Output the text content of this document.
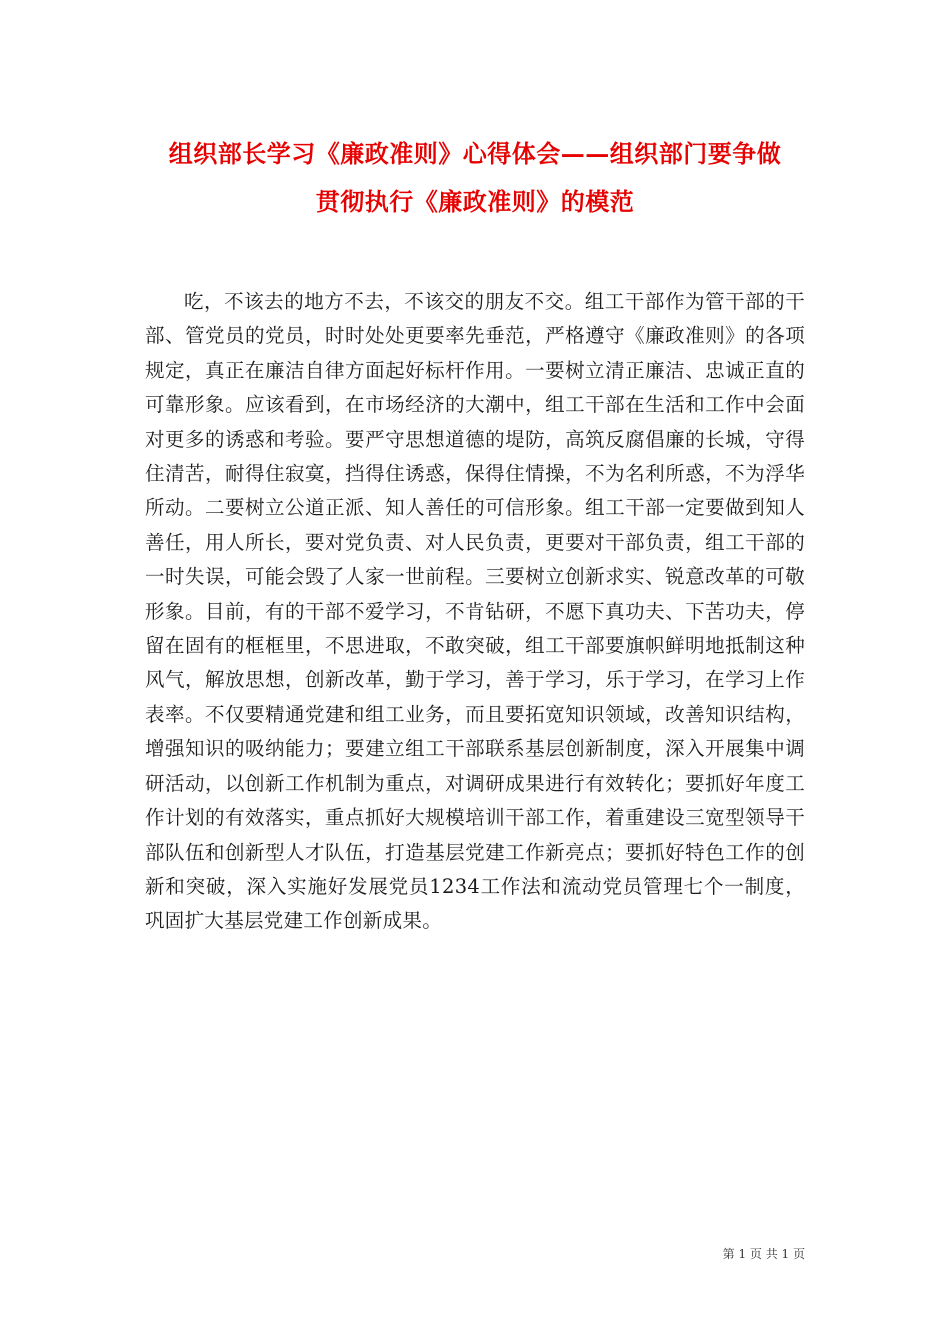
组织部长学习《廉政准则》心得体会——组织部门要争做
贯彻执行《廉政准则》的模范

吃，不该去的地方不去，不该交的朋友不交。组工干部作为管干部的干部、管党员的党员，时时处处更要率先垂范，严格遵守《廉政准则》的各项规定，真正在廉洁自律方面起好标杆作用。一要树立清正廉洁、忠诚正直的可靠形象。应该看到，在市场经济的大潮中，组工干部在生活和工作中会面对更多的诱惑和考验。要严守思想道德的堤防，高筑反腐倡廉的长城，守得住清苦，耐得住寂寞，挡得住诱惑，保得住情操，不为名利所惑，不为浮华所动。二要树立公道正派、知人善任的可信形象。组工干部一定要做到知人善任，用人所长，要对党负责、对人民负责，更要对干部负责，组工干部的一时失误，可能会毁了人家一世前程。三要树立创新求实、锐意改革的可敬形象。目前，有的干部不爱学习，不肯钻研，不愿下真功夫、下苦功夫，停留在固有的框框里，不思进取，不敢突破，组工干部要旗帜鲜明地抵制这种风气，解放思想，创新改革，勤于学习，善于学习，乐于学习，在学习上作表率。不仅要精通党建和组工业务，而且要拓宽知识领域，改善知识结构，增强知识的吸纳能力；要建立组工干部联系基层创新制度，深入开展集中调研活动，以创新工作机制为重点，对调研成果进行有效转化；要抓好年度工作计划的有效落实，重点抓好大规模培训干部工作，着重建设三宽型领导干部队伍和创新型人才队伍，打造基层党建工作新亮点；要抓好特色工作的创新和突破，深入实施好发展党员1234工作法和流动党员管理七个一制度，巩固扩大基层党建工作创新成果。

第 1 页 共 1 页
